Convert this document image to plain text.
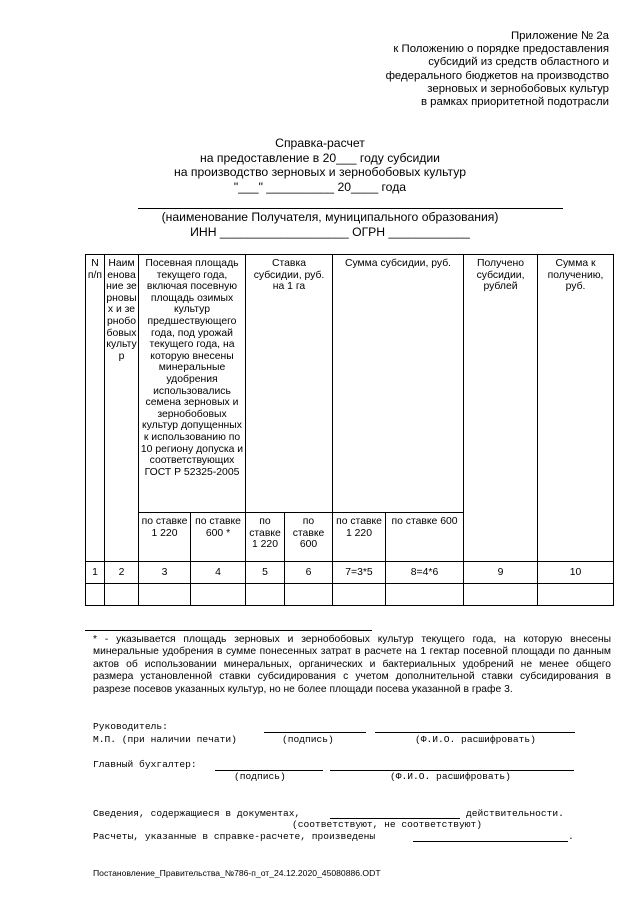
Приложение № 2а
к Положению о порядке предоставления
субсидий из средств областного и
федерального бюджетов на производство
зерновых и зернобобовых культур
в рамках приоритетной подотрасли
Справка-расчет
на предоставление в 20___ году субсидии
на производство зерновых и зернобобовых культур
"___" __________ 20____ года
(наименование Получателя, муниципального образования)
ИНН ___________________ ОГРН ____________
N п/п	Наименование зерновых и зернобобовых культур	Посевная площадь текущего года, включая посевную площадь озимых культур предшествующего года, под урожай текущего года, на которую внесены минеральные удобрения использовались семена зерновых и зернобобовых культур допущенных к использованию по 10 региону допуска и соответствующих ГОСТ Р 52325-2005		Ставка субсидии, руб. на 1 га		Сумма субсидии, руб.		Получено субсидии, рублей	Сумма к получению, руб.
		по ставке 1 220	по ставке 600 *	по ставке 1 220	по ставке 600	по ставке 1 220	по ставке 600		
1	2	3	4	5	6	7=3*5	8=4*6	9	10

* - указывается площадь зерновых и зернобобовых культур текущего года, на которую внесены минеральные удобрения в сумме понесенных затрат в расчете на 1 гектар посевной площади по данным актов об использовании минеральных, органических и бактериальных удобрений не менее общего размера установленной ставки субсидирования с учетом дополнительной ставки субсидирования в разрезе посевов указанных культур, но не более площади посева указанной в графе 3.
Руководитель:
М.П. (при наличии печати)	(подпись)	(Ф.И.О. расшифровать)
Главный бухгалтер:
(подпись)	(Ф.И.О. расшифровать)
Сведения, содержащиеся в документах,	действительности.
(соответствуют, не соответствуют)
Расчеты, указанные в справке-расчете, произведены	.
Постановление_Правительства_№786-п_от_24.12.2020_45080886.ODT
